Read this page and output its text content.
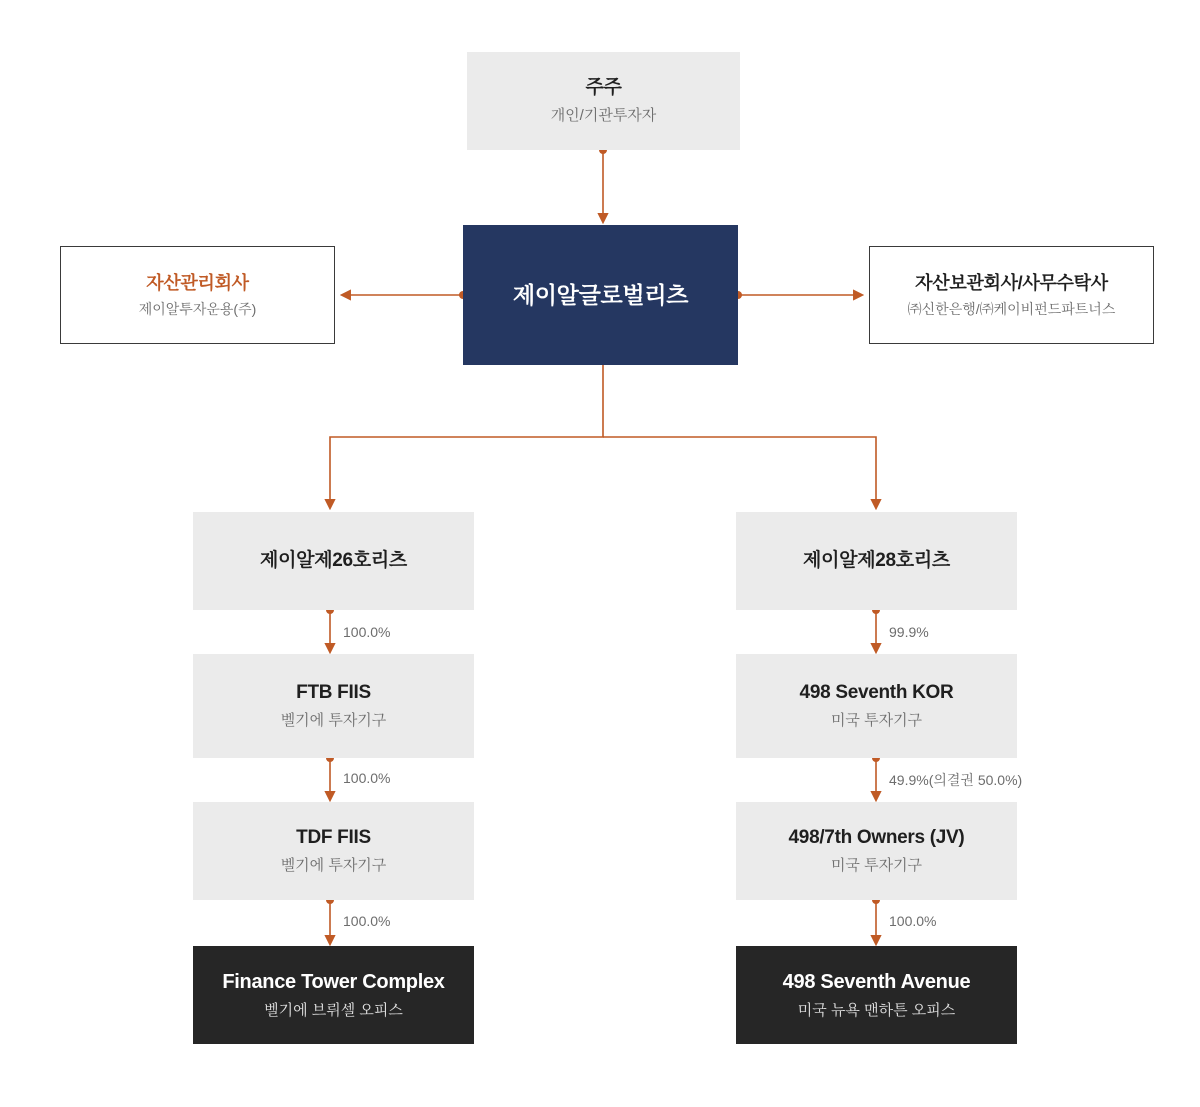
주주
개인/기관투자자
제이알글로벌리츠
자산관리회사
제이알투자운용(주)
자산보관회사/사무수탁사
㈜신한은행/㈜케이비펀드파트너스
제이알제26호리츠
FTB FIIS
벨기에 투자기구
TDF FIIS
벨기에 투자기구
Finance Tower Complex
벨기에 브뤼셀 오피스
제이알제28호리츠
498 Seventh KOR
미국 투자기구
498/7th Owners (JV)
미국 투자기구
498 Seventh Avenue
미국 뉴욕 맨하튼 오피스
100.0%
100.0%
100.0%
99.9%
49.9%(의결권 50.0%)
100.0%
